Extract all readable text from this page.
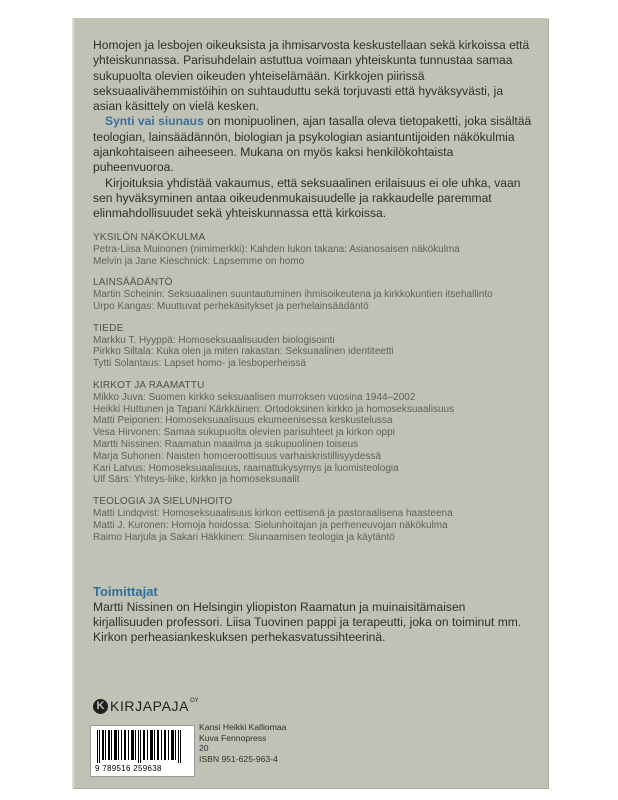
Homojen ja lesbojen oikeuksista ja ihmisarvosta keskustellaan sekä kirkoissa että yhteiskunnassa. Parisuhdelain astuttua voimaan yhteiskunta tunnustaa samaa sukupuolta olevien oikeuden yhteiselämään. Kirkkojen piirissä seksuaalivähemmistöihin on suhtauduttu sekä torjuvasti että hyväksyvästi, ja asian käsittely on vielä kesken.

Synti vai siunaus on monipuolinen, ajan tasalla oleva tietopaketti, joka sisältää teologian, lainsäädännön, biologian ja psykologian asiantuntijoiden näkökulmia ajankohtaiseen aiheeseen. Mukana on myös kaksi henkilökohtaista puheenvuoroa.

Kirjoituksia yhdistää vakaumus, että seksuaalinen erilaisuus ei ole uhka, vaan sen hyväksyminen antaa oikeudenmukaisuudelle ja rakkaudelle paremmat elinmahdollisuudet sekä yhteiskunnassa että kirkoissa.

YKSILÖN NÄKÖKULMA
Petra-Liisa Muinonen (nimimerkki): Kahden lukon takana: Asianosaisen näkökulma
Melvin ja Jane Kieschnick: Lapsemme on homo
LAINSÄÄDÄNTÖ
Martin Scheinin: Seksuaalinen suuntautuminen ihmisoikeutena ja kirkkokuntien itsehallinto
Urpo Kangas: Muuttuvat perhekäsitykset ja perhelainsäädäntö
TIEDE
Markku T. Hyyppä: Homoseksuaalisuuden biologisointi
Pirkko Siltala: Kuka olen ja miten rakastan: Seksuaalinen identiteetti
Tytti Solantaus: Lapset homo- ja lesboperheissä
KIRKOT JA RAAMATTU
Mikko Juva: Suomen kirkko seksuaalisen murroksen vuosina 1944–2002
Heikki Huttunen ja Tapani Kärkkäinen: Ortodoksinen kirkko ja homoseksuaalisuus
Matti Peiponen: Homoseksuaalisuus ekumeenisessa keskustelussa
Vesa Hirvonen: Samaa sukupuolta olevien parisuhteet ja kirkon oppi
Martti Nissinen: Raamatun maailma ja sukupuolinen toiseus
Marja Suhonen: Naisten homoeroottisuus varhaiskristillisyydessä
Kari Latvus: Homoseksuaalisuus, raamattukysymys ja luomisteologia
Ulf Särs: Yhteys-liike, kirkko ja homoseksuaalit
TEOLOGIA JA SIELUNHOITO
Matti Lindqvist: Homoseksuaalisuus kirkon eettisenä ja pastoraalisena haasteena
Matti J. Kuronen: Homoja hoidossa: Sielunhoitajan ja perheneuvojan näkökulma
Raimo Harjula ja Sakari Häkkinen: Siunaamisen teologia ja käytäntö
Toimittajat
Martti Nissinen on Helsingin yliopiston Raamatun ja muinaisitämaisen kirjallisuuden professori. Liisa Tuovinen pappi ja terapeutti, joka on toiminut mm. Kirkon perheasiankeskuksen perhekasvatussihteerinä.
K KIRJAPAJA OY
9 789516 259638
Kansi Heikki Kalliomaa
Kuva Fennopress
20
ISBN 951-625-963-4
